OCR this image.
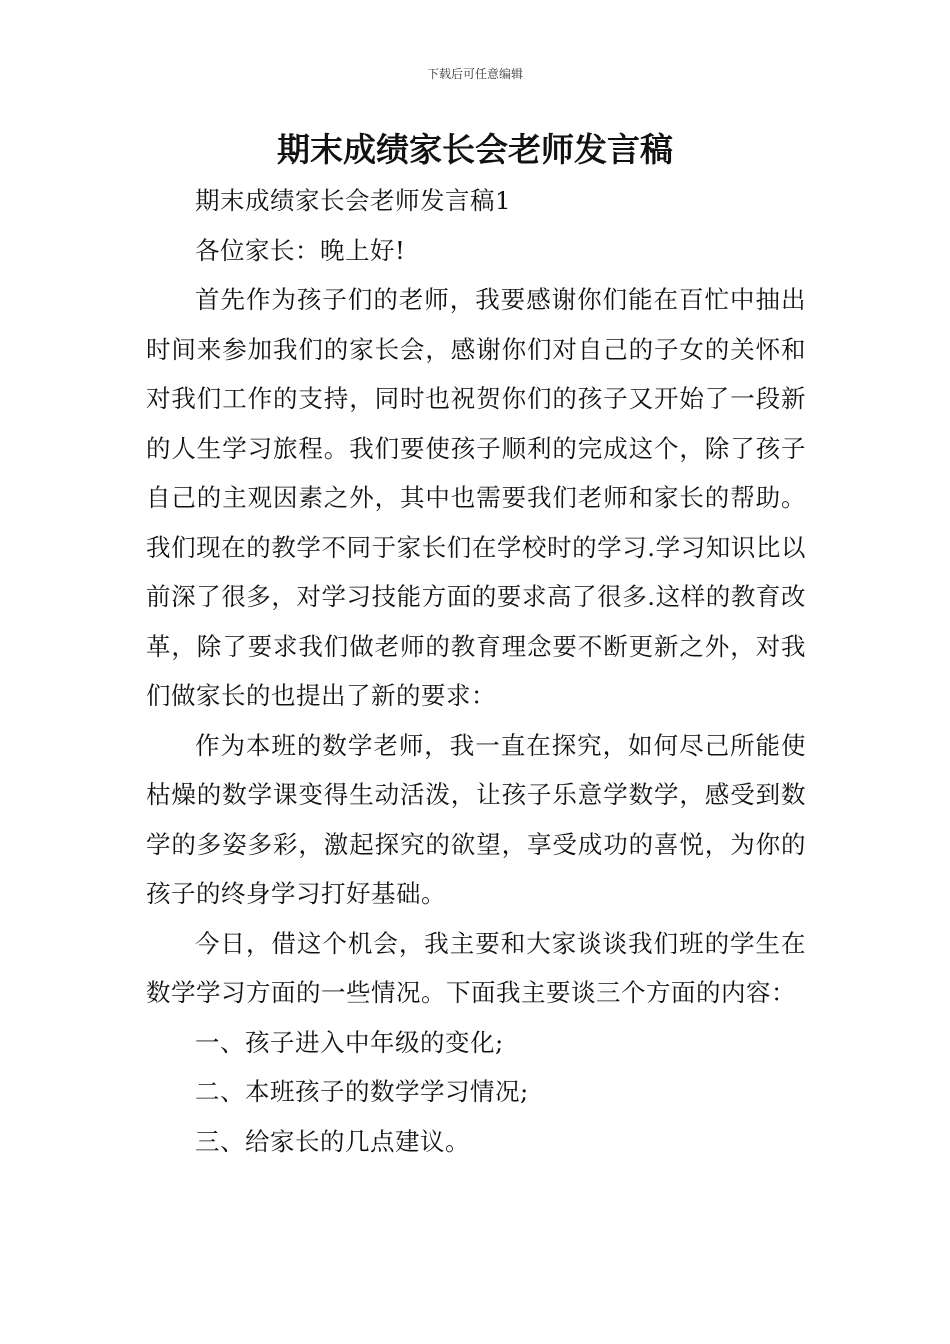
下载后可任意编辑
期末成绩家长会老师发言稿

期末成绩家长会老师发言稿1

各位家长：晚上好!

首先作为孩子们的老师，我要感谢你们能在百忙中抽出时间来参加我们的家长会，感谢你们对自己的子女的关怀和对我们工作的支持，同时也祝贺你们的孩子又开始了一段新的人生学习旅程。我们要使孩子顺利的完成这个，除了孩子自己的主观因素之外，其中也需要我们老师和家长的帮助。我们现在的教学不同于家长们在学校时的学习.学习知识比以前深了很多，对学习技能方面的要求高了很多.这样的教育改革，除了要求我们做老师的教育理念要不断更新之外，对我们做家长的也提出了新的要求：

作为本班的数学老师，我一直在探究，如何尽己所能使枯燥的数学课变得生动活泼，让孩子乐意学数学，感受到数学的多姿多彩，激起探究的欲望，享受成功的喜悦，为你的孩子的终身学习打好基础。

今日，借这个机会，我主要和大家谈谈我们班的学生在数学学习方面的一些情况。下面我主要谈三个方面的内容：

一、孩子进入中年级的变化;

二、本班孩子的数学学习情况;

三、给家长的几点建议。
